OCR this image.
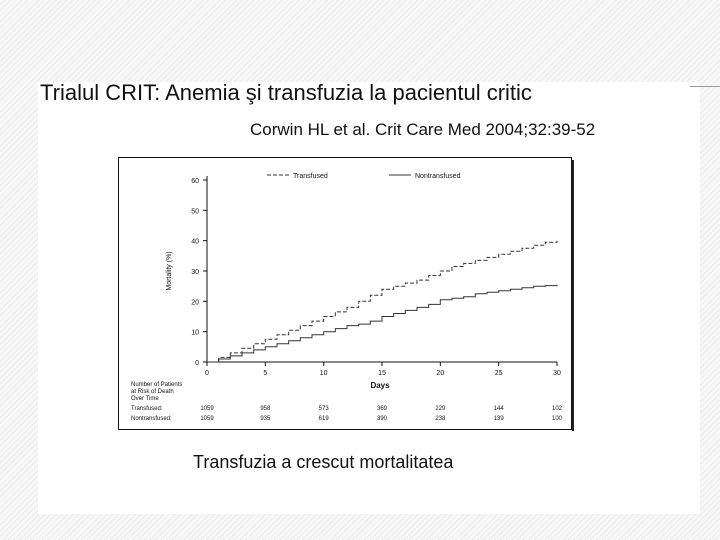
Trialul CRIT: Anemia şi transfuzia la pacientul critic
Corwin HL et al. Crit Care Med 2004;32:39-52
0
10
20
30
40
50
60
0	5	10	15	20	25	30
Days
Mortality (%)
Transfused	Nontransfused
Number of Patients
at Risk of Death
Over Time
Transfused:	1059	958	573	369	229	144	102
Nontransfused:	1059	935	619	390	238	139	100
Transfuzia a crescut mortalitatea
